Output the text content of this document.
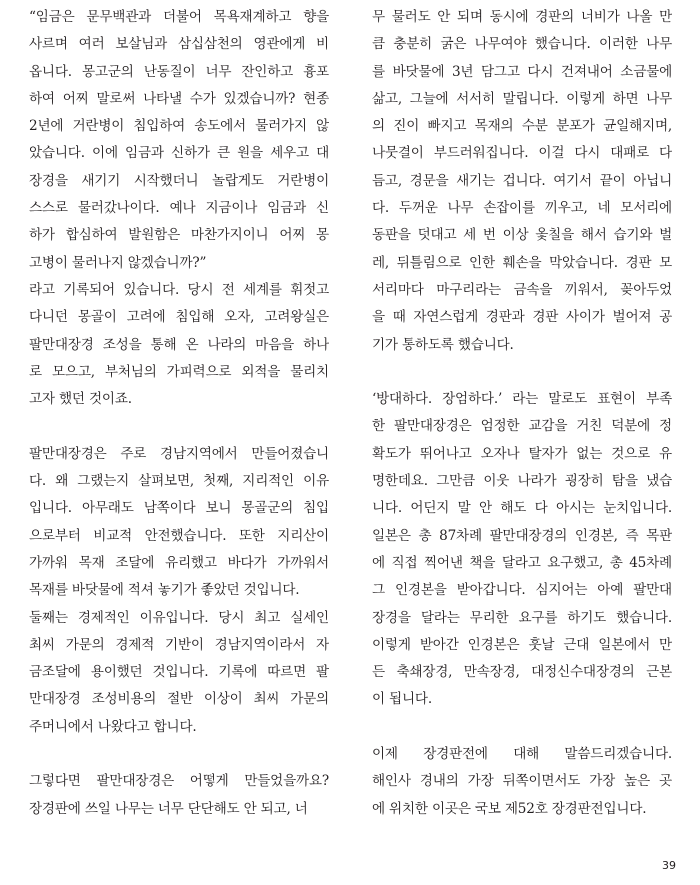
“임금은 문무백관과 더불어 목욕재계하고 향을
사르며 여러 보살님과 삼십삼천의 영관에게 비
옵니다. 몽고군의 난동질이 너무 잔인하고 흉포
하여 어찌 말로써 나타낼 수가 있겠습니까? 현종
2년에 거란병이 침입하여 송도에서 물러가지 않
았습니다. 이에 임금과 신하가 큰 원을 세우고 대
장경을 새기기 시작했더니 놀랍게도 거란병이
스스로 물러갔나이다. 예나 지금이나 임금과 신
하가 합심하여 발원함은 마찬가지이니 어찌 몽
고병이 물러나지 않겠습니까?”
라고 기록되어 있습니다. 당시 전 세계를 휘젓고
다니던 몽골이 고려에 침입해 오자, 고려왕실은
팔만대장경 조성을 통해 온 나라의 마음을 하나
로 모으고, 부처님의 가피력으로 외적을 물리치
고자 했던 것이죠.
팔만대장경은 주로 경남지역에서 만들어졌습니
다. 왜 그랬는지 살펴보면, 첫째, 지리적인 이유
입니다. 아무래도 남쪽이다 보니 몽골군의 침입
으로부터 비교적 안전했습니다. 또한 지리산이
가까워 목재 조달에 유리했고 바다가 가까워서
목재를 바닷물에 적셔 놓기가 좋았던 것입니다.
둘째는 경제적인 이유입니다. 당시 최고 실세인
최씨 가문의 경제적 기반이 경남지역이라서 자
금조달에 용이했던 것입니다. 기록에 따르면 팔
만대장경 조성비용의 절반 이상이 최씨 가문의
주머니에서 나왔다고 합니다.
그렇다면 팔만대장경은 어떻게 만들었을까요?
장경판에 쓰일 나무는 너무 단단해도 안 되고, 너
무 물러도 안 되며 동시에 경판의 너비가 나올 만
큼 충분히 굵은 나무여야 했습니다. 이러한 나무
를 바닷물에 3년 담그고 다시 건져내어 소금물에
삶고, 그늘에 서서히 말립니다. 이렇게 하면 나무
의 진이 빠지고 목재의 수분 분포가 균일해지며,
나뭇결이 부드러워집니다. 이걸 다시 대패로 다
듬고, 경문을 새기는 겁니다. 여기서 끝이 아닙니
다. 두꺼운 나무 손잡이를 끼우고, 네 모서리에
동판을 덧대고 세 번 이상 옻칠을 해서 습기와 벌
레, 뒤틀림으로 인한 훼손을 막았습니다. 경판 모
서리마다 마구리라는 금속을 끼워서, 꽂아두었
을 때 자연스럽게 경판과 경판 사이가 벌어져 공
기가 통하도록 했습니다.
‘방대하다. 장엄하다.’ 라는 말로도 표현이 부족
한 팔만대장경은 엄정한 교감을 거친 덕분에 정
확도가 뛰어나고 오자나 탈자가 없는 것으로 유
명한데요. 그만큼 이웃 나라가 굉장히 탐을 냈습
니다. 어딘지 말 안 해도 다 아시는 눈치입니다.
일본은 총 87차례 팔만대장경의 인경본, 즉 목판
에 직접 찍어낸 책을 달라고 요구했고, 총 45차례
그 인경본을 받아갑니다. 심지어는 아예 팔만대
장경을 달라는 무리한 요구를 하기도 했습니다.
이렇게 받아간 인경본은 훗날 근대 일본에서 만
든 축쇄장경, 만속장경, 대정신수대장경의 근본
이 됩니다.
이제 장경판전에 대해 말씀드리겠습니다.
해인사 경내의 가장 뒤쪽이면서도 가장 높은 곳
에 위치한 이곳은 국보 제52호 장경판전입니다.
39
